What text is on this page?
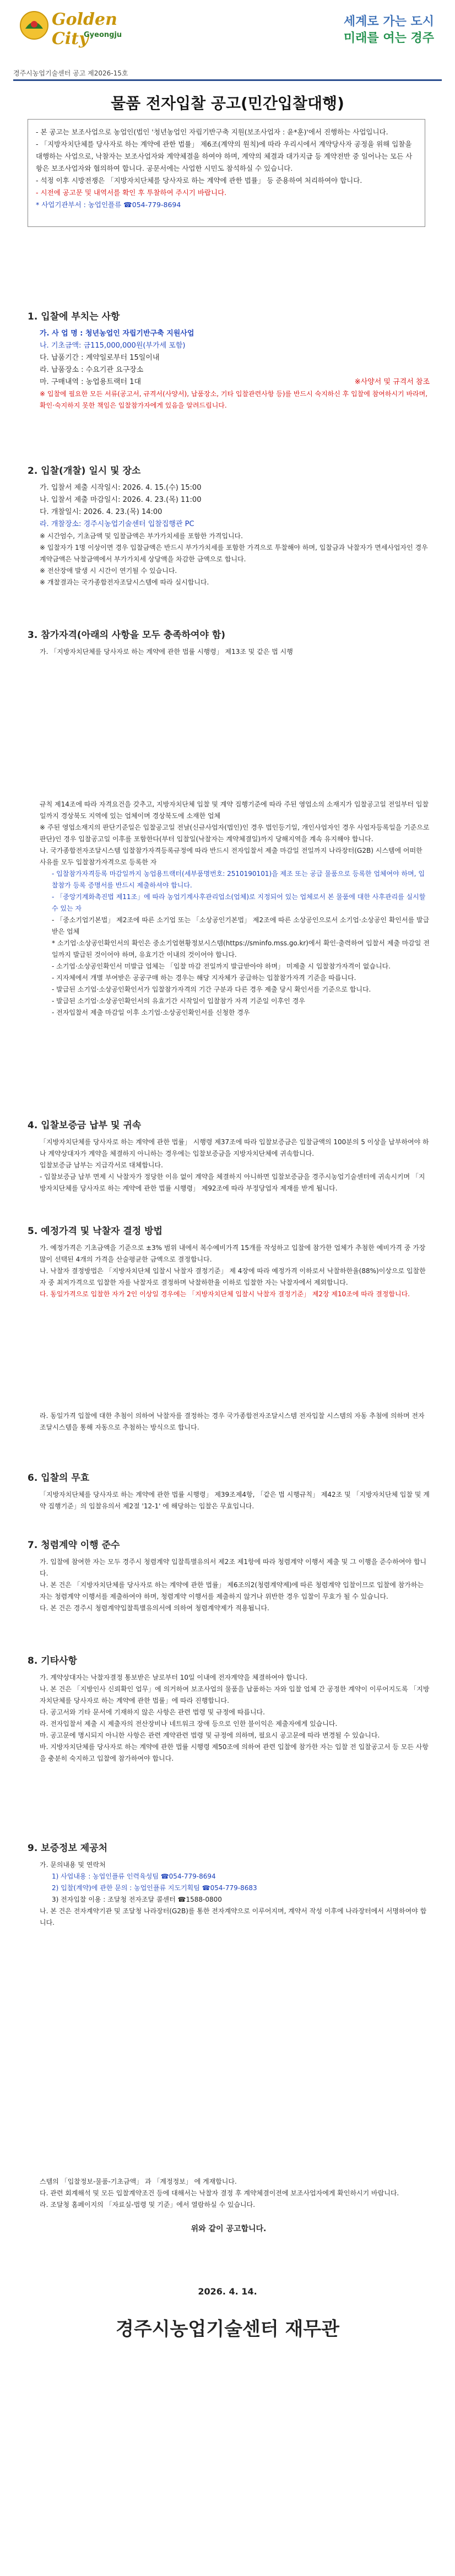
Golden City
Gyeongju
세계로 가는 도시
미래를 여는 경주
경주시농업기술센터 공고 제2026-15호
물품 전자입찰 공고(민간입찰대행)

- 본 공고는 보조사업으로 농업인(법인 '청년농업인 자립기반구축 지원(보조사업자 : 윤*훈)'에서 진행하는 사업입니다.

- 「지방자치단체를 당사자로 하는 계약에 관한 법률」 제6조(계약의 원칙)에 따라 우리시에서 계약당사자 공정을 위해 입찰을 대행하는 사업으로, 낙찰자는 보조사업자와 계약체결을 하여야 하며, 계약의 체결과 대가지급 등 계약전반 중 일어나는 모든 사항은 보조사업자와 협의하여 합니다. 공문서에는 사업한 시민도 참석하실 수 있습니다.

- 석정 이후 시방전쟁은 「지방자치단체를 당사자로 하는 계약에 관한 법률」 등 준용하여 처리하여야 합니다.

- 시전에 공고문 및 내역서를 확인 후 투찰하여 주시기 바랍니다.

* 사업기관부서 : 농업인플류 ☎054-779-8694

1. 입찰에 부치는 사항

가. 사 업 명 : 청년농업인 자립기반구축 지원사업

나. 기초금액: 금115,000,000원(부가세 포함)

다. 납품기간 : 계약일로부터 15일이내

라. 납품장소 : 수요기관 요구장소

마. 구매내역 : 농업용트랙터 1대	※사양서 및 규격서 참조

※ 입찰에 필요한 모든 서류(공고서, 규격서(사양서), 납품장소, 기타 입찰관련사항 등)를 반드시 숙지하신 후 입찰에 참여하시기 바라며, 확인·숙지하지 못한 책임은 입찰참가자에게 있음을 알려드립니다.

2. 입찰(개찰) 일시 및 장소

가. 입찰서 제출 시작일시: 2026. 4. 15.(수) 15:00

나. 입찰서 제출 마감일시: 2026. 4. 23.(목) 11:00

다. 개찰일시: 2026. 4. 23.(목) 14:00

라. 개찰장소: 경주시농업기술센터 입찰집행관 PC

※ 시간엄수, 기초금액 및 입찰금액은 부가가치세를 포함한 가격입니다.

※ 입찰자가 1명 이상이면 경우 입찰금액은 반드시 부가가치세를 포함한 가격으로 투찰해야 하며, 입찰금과 낙찰자가 면세사업자인 경우 계약금액은 낙찰금액에서 부가가치세 상당액을 차감한 금액으로 합니다.

※ 전산장애 발생 시 시간이 연기될 수 있습니다.

※ 개찰결과는 국가종합전자조달시스템에 따라 실시합니다.

3. 참가자격(아래의 사항을 모두 충족하여야 함)

가. 「지방자치단체를 당사자로 하는 계약에 관한 법률 시행령」 제13조 및 같은 법 시행

규칙 제14조에 따라 자격요건을 갖추고, 지방자치단체 입찰 및 계약 집행기준에 따라 주된 영업소의 소재지가 입찰공고일 전일부터 입찰일까지 경상북도 지역에 있는 업체이며 경상북도에 소재한 업체

※ 주된 영업소재지의 판단기준일은 입찰공고일 전날(신규사업자(법인)인 경우 법인등기일, 개인사업자인 경우 사업자등록일을 기준으로 판단)인 경우 입찰공고일 이후를 포함한다(부터 입찰일(낙찰자는 계약체결일)까지 당해지역을 계속 유지해야 합니다.

나. 국가종합전자조달시스템 입찰참가자격등록규정에 따라 반드시 전자입찰서 제출 마감일 전일까지 나라장터(G2B) 시스템에 어떠한 사유를 모두 입찰참가자격으로 등록한 자

- 입찰참가자격등록 마감일까지 농업용트랙터(세부품명번호: 2510190101)을 제조 또는 공급 물품으로 등록한 업체여야 하며, 입찰참가 등록 증명서를 반드시 제출하셔야 합니다.

- 「중앙기계화촉진법 제11조」에 따라 농업기계사후관리업소(업체)로 지정되어 있는 업체로서 본 물품에 대한 사후관리를 실시할 수 있는 자

- 「중소기업기본법」 제2조에 따른 소기업 또는 「소상공인기본법」 제2조에 따른 소상공인으로서 소기업·소상공인 확인서를 발급받은 업체

* 소기업·소상공인확인서의 확인은 중소기업현황정보시스템(https://sminfo.mss.go.kr)에서 확인·출력하여 입찰서 제출 마감일 전일까지 발급된 것이어야 하며, 유효기간 이내의 것이어야 합니다.

- 소기업·소상공인확인서 미발급 업체는 「입찰 마감 전일까지 발급받아야 하며」 미제출 시 입찰참가자격이 없습니다.

- 지자체에서 개별 부여받은 공공구매 하는 경우는 해당 지자체가 공급하는 입찰참가자격 기준을 따릅니다.

- 발급된 소기업·소상공인확인서가 입찰참가자격의 기간 구분과 다른 경우 제출 당시 확인서를 기준으로 합니다.

- 발급된 소기업·소상공인확인서의 유효기간 시작일이 입찰참가 자격 기준일 이후인 경우

- 전자입찰서 제출 마감일 이후 소기업·소상공인확인서를 신청한 경우

4. 입찰보증금 납부 및 귀속

「지방자치단체를 당사자로 하는 계약에 관한 법률」 시행령 제37조에 따라 입찰보증금은 입찰금액의 100분의 5 이상을 납부하여야 하나 계약상대자가 계약을 체결하지 아니하는 경우에는 입찰보증금을 지방자치단체에 귀속합니다.

입찰보증금 납부는 지급각서로 대체합니다.

- 입찰보증금 납부 면제 시 낙찰자가 정당한 이유 없이 계약을 체결하지 아니하면 입찰보증금을 경주시농업기술센터에 귀속시키며 「지방자치단체를 당사자로 하는 계약에 관한 법률 시행령」 제92조에 따라 부정당업자 제재를 받게 됩니다.

5. 예정가격 및 낙찰자 결정 방법

가. 예정가격은 기초금액을 기준으로 ±3% 범위 내에서 복수예비가격 15개를 작성하고 입찰에 참가한 업체가 추첨한 예비가격 중 가장 많이 선택된 4개의 가격을 산술평균한 금액으로 결정합니다.

나. 낙찰자 결정방법은 「지방자치단체 입찰시 낙찰자 결정기준」 제 4장에 따라 예정가격 이하로서 낙찰하한율(88%)이상으로 입찰한 자 중 최저가격으로 입찰한 자를 낙찰자로 결정하며 낙찰하한율 이하로 입찰한 자는 낙찰자에서 제외합니다.

다. 동일가격으로 입찰한 자가 2인 이상일 경우에는 「지방자치단체 입찰시 낙찰자 결정기준」 제2장 제10조에 따라 결정합니다.

라. 동일가격 입찰에 대한 추첨이 의하여 낙찰자를 결정하는 경우 국가종합전자조달시스템 전자입찰 시스템의 자동 추첨에 의하며 전자조달시스템을 통해 자동으로 추첨하는 방식으로 합니다.

6. 입찰의 무효

「지방자치단체를 당사자로 하는 계약에 관한 법률 시행령」 제39조제4항, 「같은 법 시행규칙」 제42조 및 「지방자치단체 입찰 및 계약 집행기준」의 입찰유의서 제2절 '12-1' 에 해당하는 입찰은 무효입니다.

7. 청렴계약 이행 준수

가. 입찰에 참여한 자는 모두 경주시 청렴계약 입찰특별유의서 제2조 제1항에 따라 청렴계약 이행서 제출 및 그 이행을 준수하여야 합니다.

나. 본 건은 「지방자치단체를 당사자로 하는 계약에 관한 법률」 제6조의2(청렴계약제)에 따른 청렴계약 입찰이므로 입찰에 참가하는 자는 청렴계약 이행서를 제출하여야 하며, 청렴계약 이행서를 제출하지 않거나 위반한 경우 입찰이 무효가 될 수 있습니다.

다. 본 건은 경주시 청렴계약입찰특별유의서에 의하여 청렴계약제가 적용됩니다.

8. 기타사항

가. 계약상대자는 낙찰자결정 통보받은 날로부터 10일 이내에 전자계약을 체결하여야 합니다.

나. 본 건은 「지방인사 신뢰확인 업무」에 의거하여 보조사업의 물품을 납품하는 자와 입찰 업체 간 공정한 계약이 이루어지도록 「지방자치단체를 당사자로 하는 계약에 관한 법률」에 따라 진행합니다.

다. 공고서와 기타 문서에 기재하지 않은 사항은 관련 법령 및 규정에 따릅니다.

라. 전자입찰서 제출 시 제출자의 전산장비나 네트워크 장애 등으로 인한 불이익은 제출자에게 있습니다.

마. 공고문에 명시되지 아니한 사항은 관련 계약관련 법령 및 규정에 의하며, 필요시 공고문에 따라 변경될 수 있습니다.

바. 지방자치단체를 당사자로 하는 계약에 관한 법률 시행령 제50조에 의하여 관련 입찰에 참가한 자는 입찰 전 입찰공고서 등 모든 사항을 충분히 숙지하고 입찰에 참가하여야 합니다.

9. 보증정보 제공처

가. 문의내용 및 연락처

1) 사업내용 : 농업인플류 인력육성팀 ☎054-779-8694

2) 입찰(계약)에 관한 문의 : 농업인플류 지도기획팀 ☎054-779-8683

3) 전자입찰 이용 : 조달청 전자조달 콜센터 ☎1588-0800

나. 본 건은 전자계약기관 및 조달청 나라장터(G2B)를 통한 전자계약으로 이루어지며, 계약서 작성 이후에 나라장터에서 서명하여야 합니다.

스템의 「입찰정보-물품-기초금액」 과 「계정정보」 에 게재합니다.

다. 관련 회계해석 및 모든 입찰계약조건 등에 대해서는 낙찰자 결정 후 계약체결이전에 보조사업자에게 확인하시기 바랍니다.

라. 조달청 홈페이지의 「자료실-법령 및 기준」에서 열람하실 수 있습니다.

위와 같이 공고합니다.

2026. 4. 14.
경주시농업기술센터 재무관
